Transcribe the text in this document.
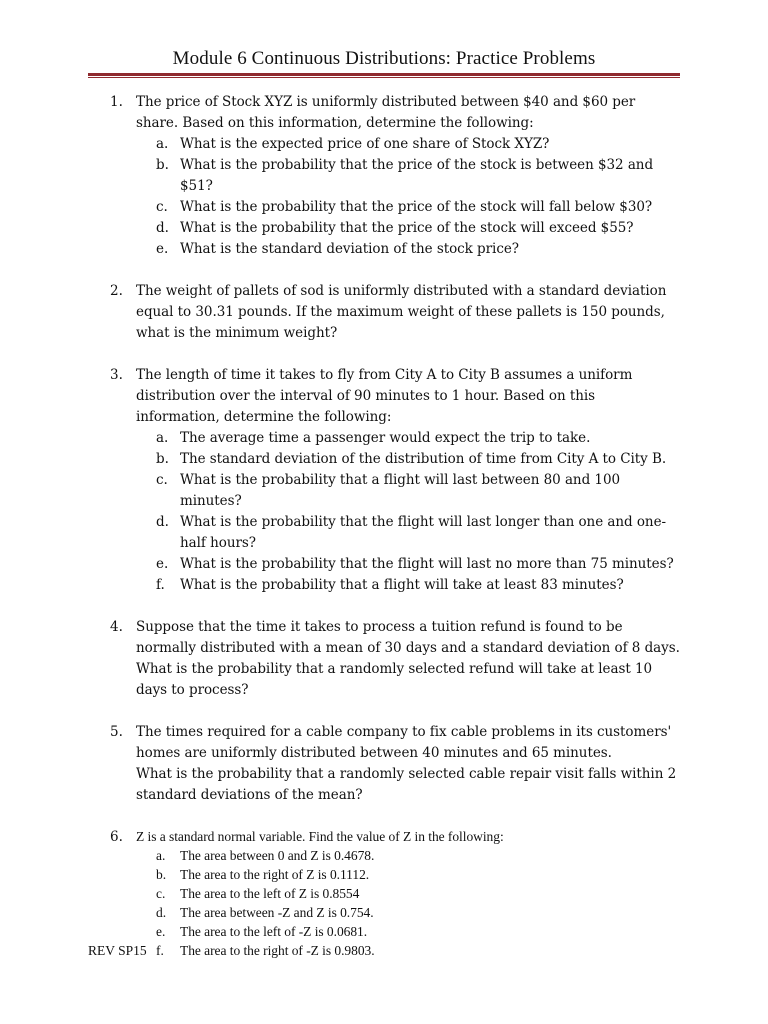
Module 6 Continuous Distributions: Practice Problems
1. The price of Stock XYZ is uniformly distributed between $40 and $60 per share. Based on this information, determine the following:
a. What is the expected price of one share of Stock XYZ?
b. What is the probability that the price of the stock is between $32 and $51?
c. What is the probability that the price of the stock will fall below $30?
d. What is the probability that the price of the stock will exceed $55?
e. What is the standard deviation of the stock price?
2. The weight of pallets of sod is uniformly distributed with a standard deviation equal to 30.31 pounds. If the maximum weight of these pallets is 150 pounds, what is the minimum weight?
3. The length of time it takes to fly from City A to City B assumes a uniform distribution over the interval of 90 minutes to 1 hour. Based on this information, determine the following:
a. The average time a passenger would expect the trip to take.
b. The standard deviation of the distribution of time from City A to City B.
c. What is the probability that a flight will last between 80 and 100 minutes?
d. What is the probability that the flight will last longer than one and one-half hours?
e. What is the probability that the flight will last no more than 75 minutes?
f.	What is the probability that a flight will take at least 83 minutes?
4. Suppose that the time it takes to process a tuition refund is found to be normally distributed with a mean of 30 days and a standard deviation of 8 days. What is the probability that a randomly selected refund will take at least 10 days to process?
5. The times required for a cable company to fix cable problems in its customers' homes are uniformly distributed between 40 minutes and 65 minutes.
What is the probability that a randomly selected cable repair visit falls within 2 standard deviations of the mean?
6. Z is a standard normal variable. Find the value of Z in the following:
a.	The area between 0 and Z is 0.4678.
b.	The area to the right of Z is 0.1112.
c.	The area to the left of Z is 0.8554
d.	The area between -Z and Z is 0.754.
e.	The area to the left of -Z is 0.0681.
f.	The area to the right of -Z is 0.9803.
REV SP15
